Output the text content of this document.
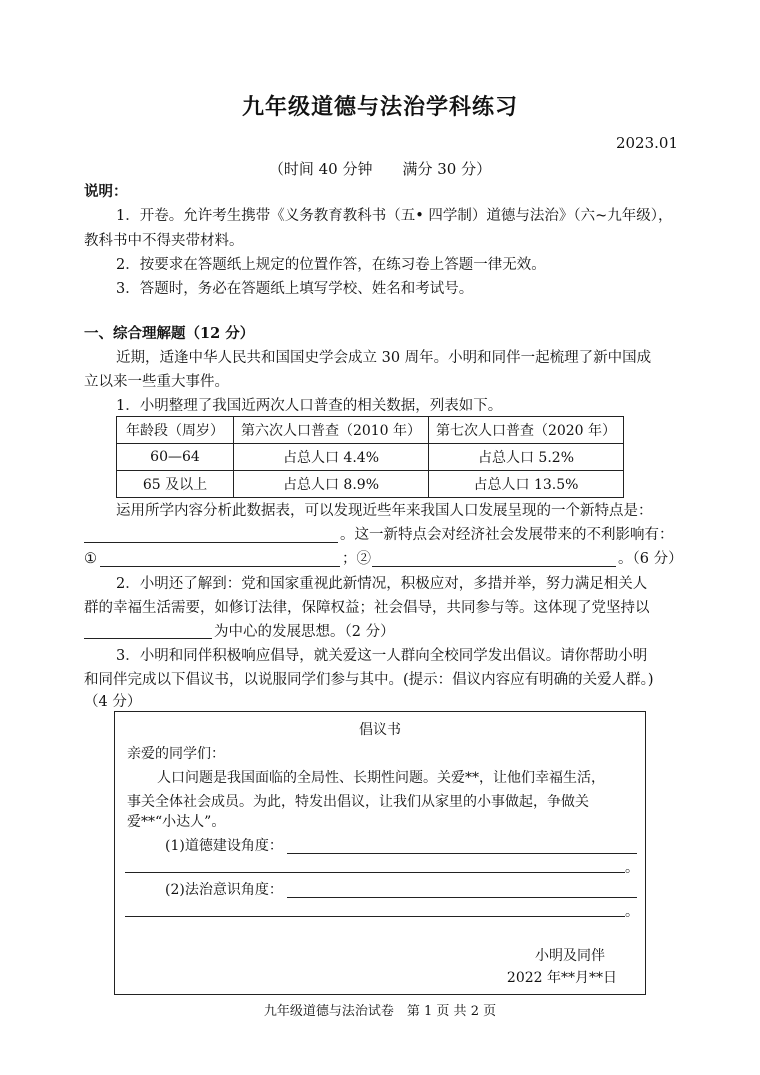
九年级道德与法治学科练习
2023.01
（时间 40 分钟　　满分 30 分）
说明：
1．开卷。允许考生携带《义务教育教科书（五• 四学制）道德与法治》（六~九年级），
教科书中不得夹带材料。
2．按要求在答题纸上规定的位置作答，在练习卷上答题一律无效。
3．答题时，务必在答题纸上填写学校、姓名和考试号。
一、综合理解题（12 分）
近期，适逢中华人民共和国国史学会成立 30 周年。小明和同伴一起梳理了新中国成
立以来一些重大事件。
1．小明整理了我国近两次人口普查的相关数据，列表如下。
年龄段（周岁）	第六次人口普查（2010 年）	第七次人口普查（2020 年）
60—64	占总人口 4.4%	占总人口 5.2%
65 及以上	占总人口 8.9%	占总人口 13.5%
运用所学内容分析此数据表，可以发现近些年来我国人口发展呈现的一个新特点是：
。这一新特点会对经济社会发展带来的不利影响有：
①	；②	。（6 分）
2．小明还了解到：党和国家重视此新情况，积极应对，多措并举，努力满足相关人
群的幸福生活需要，如修订法律，保障权益；社会倡导，共同参与等。这体现了党坚持以
为中心的发展思想。（2 分）
3．小明和同伴积极响应倡导，就关爱这一人群向全校同学发出倡议。请你帮助小明
和同伴完成以下倡议书，以说服同学们参与其中。(提示：倡议内容应有明确的关爱人群。)
（4 分）
倡议书
亲爱的同学们：
人口问题是我国面临的全局性、长期性问题。关爱**，让他们幸福生活，
事关全体社会成员。为此，特发出倡议，让我们从家里的小事做起，争做关
爱**“小达人”。
(1)道德建设角度：
。
(2)法治意识角度：
。
小明及同伴
2022 年**月**日
九年级道德与法治试卷　第 1 页 共 2 页
